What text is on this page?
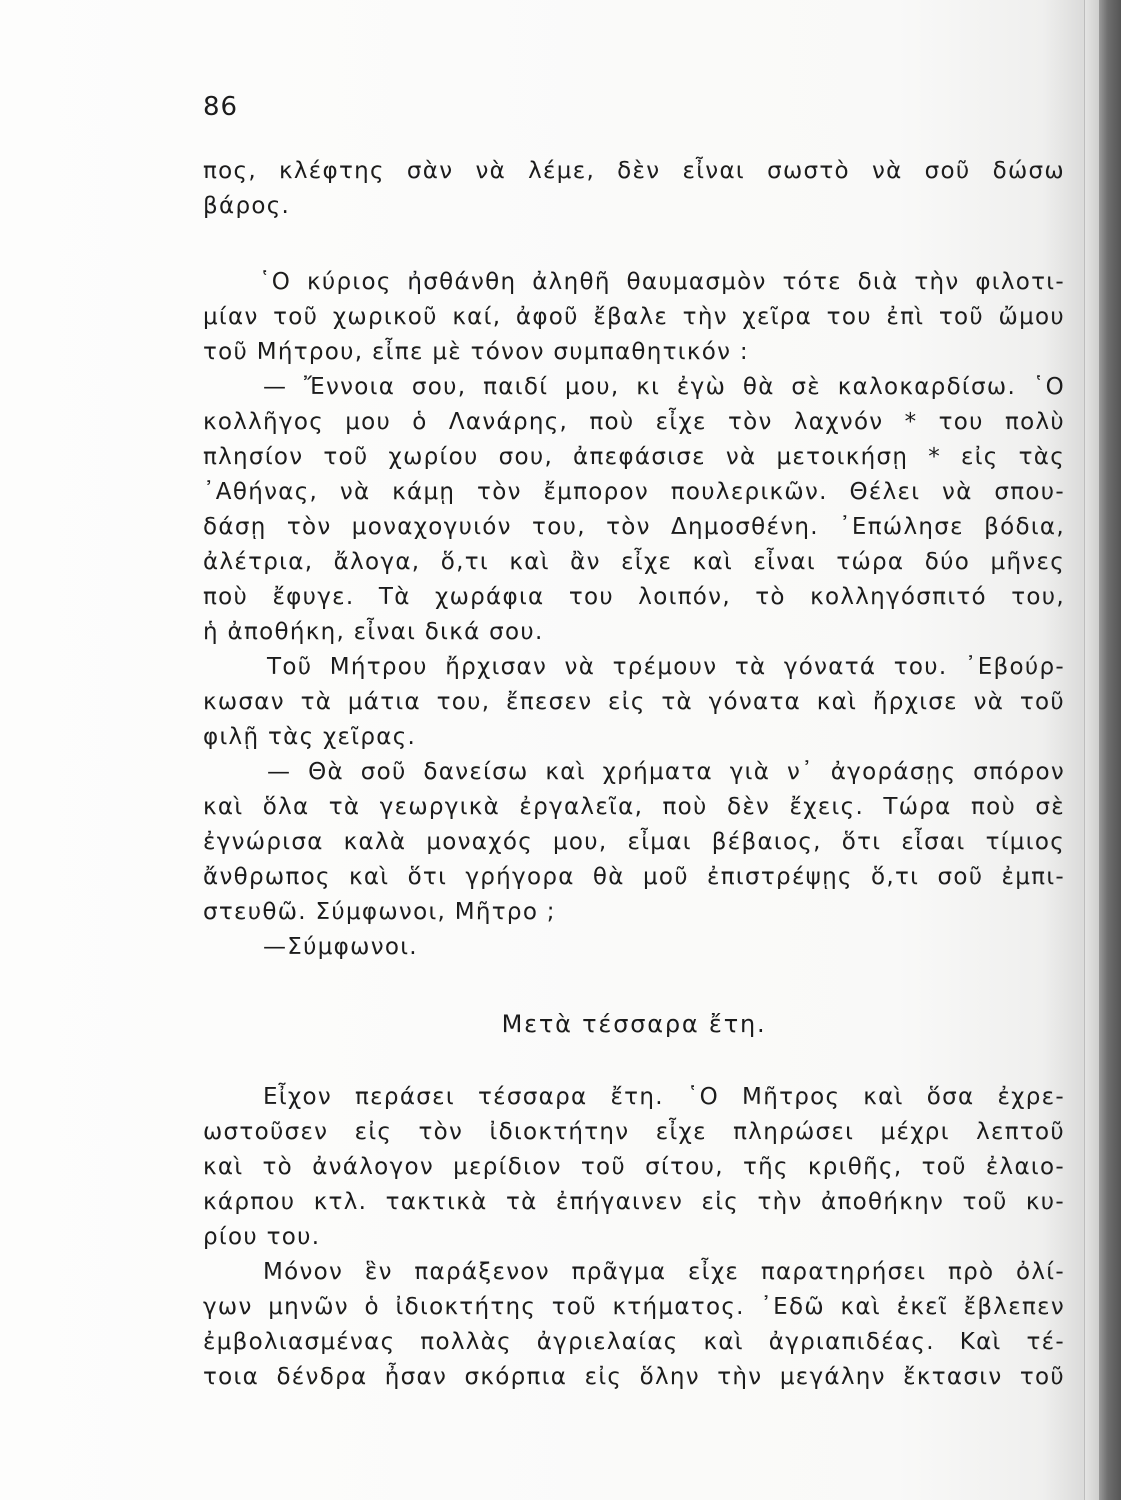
86
πος, κλέφτης σὰν νὰ λέμε, δὲν εἶναι σωστὸ νὰ σοῦ δώσω
βάρος.
῾Ο κύριος ἠσθάνθη ἀληθῆ θαυμασμὸν τότε διὰ τὴν φιλοτι-
μίαν τοῦ χωρικοῦ καί, ἀφοῦ ἔβαλε τὴν χεῖρα του ἐπὶ τοῦ ὤμου
τοῦ Μήτρου, εἶπε μὲ τόνον συμπαθητικόν :
— Ἔννοια σου, παιδί μου, κι ἐγὼ θὰ σὲ καλοκαρδίσω. ῾Ο
κολλῆγος μου ὁ Λανάρης, ποὺ εἶχε τὸν λαχνόν * του πολὺ
πλησίον τοῦ χωρίου σου, ἀπεφάσισε νὰ μετοικήσῃ * εἰς τὰς
᾿Αθήνας, νὰ κάμῃ τὸν ἔμπορον πουλερικῶν. Θέλει νὰ σπου-
δάσῃ τὸν μοναχογυιόν του, τὸν Δημοσθένη. ᾿Επώλησε βόδια,
ἀλέτρια, ἄλογα, ὅ,τι καὶ ἂν εἶχε καὶ εἶναι τώρα δύο μῆνες
ποὺ ἔφυγε. Τὰ χωράφια του λοιπόν, τὸ κολληγόσπιτό του,
ἡ ἀποθήκη, εἶναι δικά σου.
Τοῦ Μήτρου ἤρχισαν νὰ τρέμουν τὰ γόνατά του. ᾿Εβούρ-
κωσαν τὰ μάτια του, ἔπεσεν εἰς τὰ γόνατα καὶ ἤρχισε νὰ τοῦ
φιλῇ τὰς χεῖρας.
— Θὰ σοῦ δανείσω καὶ χρήματα γιὰ ν᾿ ἀγοράσῃς σπόρον
καὶ ὅλα τὰ γεωργικὰ ἐργαλεῖα, ποὺ δὲν ἔχεις. Τώρα ποὺ σὲ
ἐγνώρισα καλὰ μοναχός μου, εἶμαι βέβαιος, ὅτι εἶσαι τίμιος
ἄνθρωπος καὶ ὅτι γρήγορα θὰ μοῦ ἐπιστρέψῃς ὅ,τι σοῦ ἐμπι-
στευθῶ. Σύμφωνοι, Μῆτρο ;
—Σύμφωνοι.
Μετὰ τέσσαρα ἔτη.
Εἶχον περάσει τέσσαρα ἔτη. ῾Ο Μῆτρος καὶ ὅσα ἐχρε-
ωστοῦσεν εἰς τὸν ἰδιοκτήτην εἶχε πληρώσει μέχρι λεπτοῦ
καὶ τὸ ἀνάλογον μερίδιον τοῦ σίτου, τῆς κριθῆς, τοῦ ἐλαιο-
κάρπου κτλ. τακτικὰ τὰ ἐπήγαινεν εἰς τὴν ἀποθήκην τοῦ κυ-
ρίου του.
Μόνον ἓν παράξενον πρᾶγμα εἶχε παρατηρήσει πρὸ ὀλί-
γων μηνῶν ὁ ἰδιοκτήτης τοῦ κτήματος. ᾿Εδῶ καὶ ἐκεῖ ἔβλεπεν
ἐμβολιασμένας πολλὰς ἀγριελαίας καὶ ἀγριαπιδέας. Καὶ τέ-
τοια δένδρα ἦσαν σκόρπια εἰς ὅλην τὴν μεγάλην ἔκτασιν τοῦ
